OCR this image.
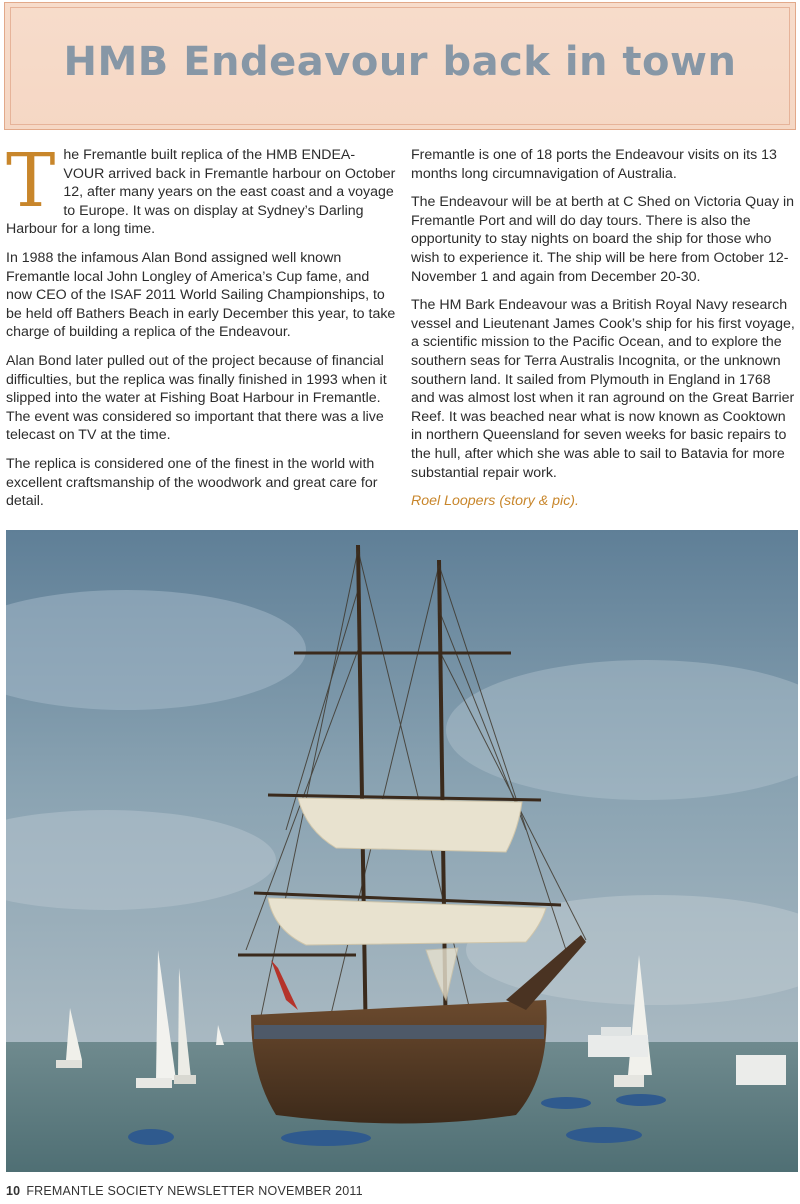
HMB Endeavour back in town

The Fremantle built replica of the HMB ENDEA-VOUR arrived back in Fremantle harbour on October 12, after many years on the east coast and a voyage to Europe. It was on display at Sydney’s Darling Harbour for a long time.

In 1988 the infamous Alan Bond assigned well known Fremantle local John Longley of America’s Cup fame, and now CEO of the ISAF 2011 World Sailing Championships, to be held off Bathers Beach in early December this year, to take charge of building a replica of the Endeavour.

Alan Bond later pulled out of the project because of financial difficulties, but the replica was finally finished in 1993 when it slipped into the water at Fishing Boat Harbour in Fremantle. The event was considered so important that there was a live telecast on TV at the time.

The replica is considered one of the finest in the world with excellent craftsmanship of the woodwork and great care for detail.

Fremantle is one of 18 ports the Endeavour visits on its 13 months long circumnavigation of Australia.

The Endeavour will be at berth at C Shed on Victoria Quay in Fremantle Port and will do day tours. There is also the opportunity to stay nights on board the ship for those who wish to experience it. The ship will be here from October 12- November 1 and again from December 20-30.

The HM Bark Endeavour was a British Royal Navy research vessel and Lieutenant James Cook’s ship for his first voyage, a scientific mission to the Pacific Ocean, and to explore the southern seas for Terra Australis Incognita, or the unknown southern land. It sailed from Plymouth in England in 1768 and was almost lost when it ran aground on the Great Barrier Reef. It was beached near what is now known as Cooktown in northern Queensland for seven weeks for basic repairs to the hull, after which she was able to sail to Batavia for more substantial repair work.

Roel Loopers (story & pic).

10 FREMANTLE SOCIETY NEWSLETTER NOVEMBER 2011
